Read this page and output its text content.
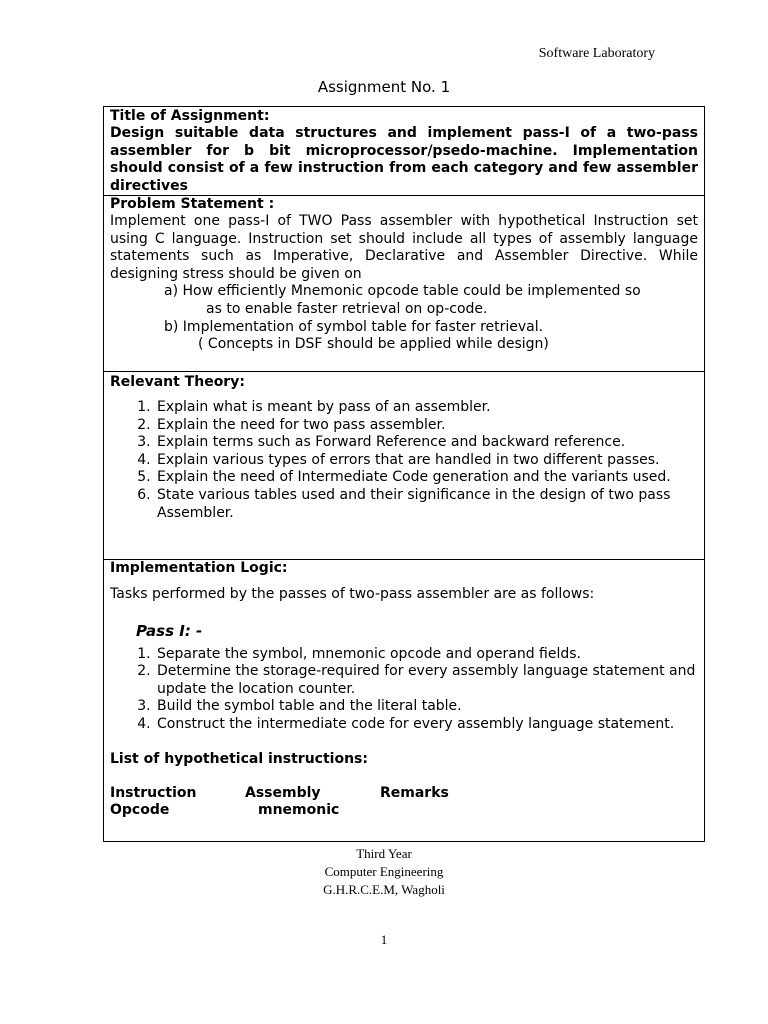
Software Laboratory
Assignment No. 1

Title of Assignment:

Design suitable data structures and implement pass-I of a two-pass assembler for b bit microprocessor/psedo-machine. Implementation should consist of a few instruction from each category and few assembler directives

Problem Statement :

Implement one pass-I of TWO Pass assembler with hypothetical Instruction set using C language. Instruction set should include all types of assembly language statements such as Imperative, Declarative and Assembler Directive. While designing stress should be given on

a) How efficiently Mnemonic opcode table could be implemented so
as to enable faster retrieval on op-code.
b) Implementation of symbol table for faster retrieval.
( Concepts in DSF should be applied while design)

Relevant Theory:

1. Explain what is meant by pass of an assembler.
2. Explain the need for two pass assembler.
3. Explain terms such as Forward Reference and backward reference.
4. Explain various types of errors that are handled in two different passes.
5. Explain the need of Intermediate Code generation and the variants used.
6. State various tables used and their significance in the design of two pass Assembler.

Implementation Logic:

Tasks performed by the passes of two-pass assembler are as follows:

Pass I: -

1. Separate the symbol, mnemonic opcode and operand fields.
2. Determine the storage-required for every assembly language statement and update the location counter.
3. Build the symbol table and the literal table.
4. Construct the intermediate code for every assembly language statement.

List of hypothetical instructions:

Instruction
Opcode
Assembly
mnemonic
Remarks
Third Year
Computer Engineering
G.H.R.C.E.M, Wagholi
1
